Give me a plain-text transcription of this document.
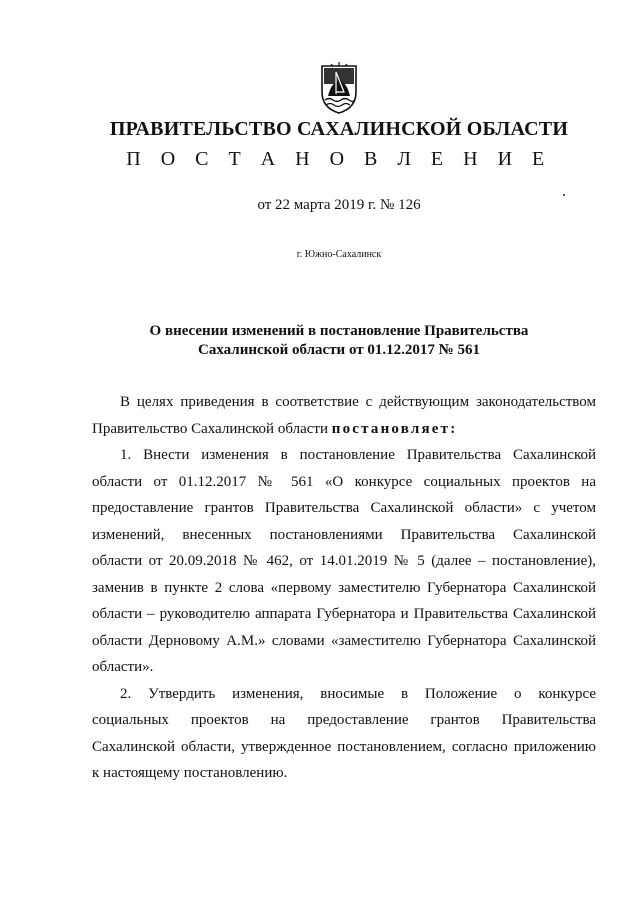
ПРАВИТЕЛЬСТВО САХАЛИНСКОЙ ОБЛАСТИ
П О С Т А Н О В Л Е Н И Е
от 22 марта 2019 г. № 126
г. Южно-Сахалинск
О внесении изменений в постановление Правительства
Сахалинской области от 01.12.2017 № 561
В целях приведения в соответствие с действующим законодательством
Правительство Сахалинской области постановляет:
1. Внести изменения в постановление Правительства Сахалинской
области от 01.12.2017 № 561 «О конкурсе социальных проектов на
предоставление грантов Правительства Сахалинской области» с учетом
изменений, внесенных постановлениями Правительства Сахалинской
области от 20.09.2018 № 462, от 14.01.2019 № 5 (далее – постановление),
заменив в пункте 2 слова «первому заместителю Губернатора Сахалинской
области – руководителю аппарата Губернатора и Правительства Сахалинской
области Дерновому А.М.» словами «заместителю Губернатора Сахалинской
области».
2. Утвердить изменения, вносимые в Положение о конкурсе
социальных проектов на предоставление грантов Правительства
Сахалинской области, утвержденное постановлением, согласно приложению
к настоящему постановлению.
